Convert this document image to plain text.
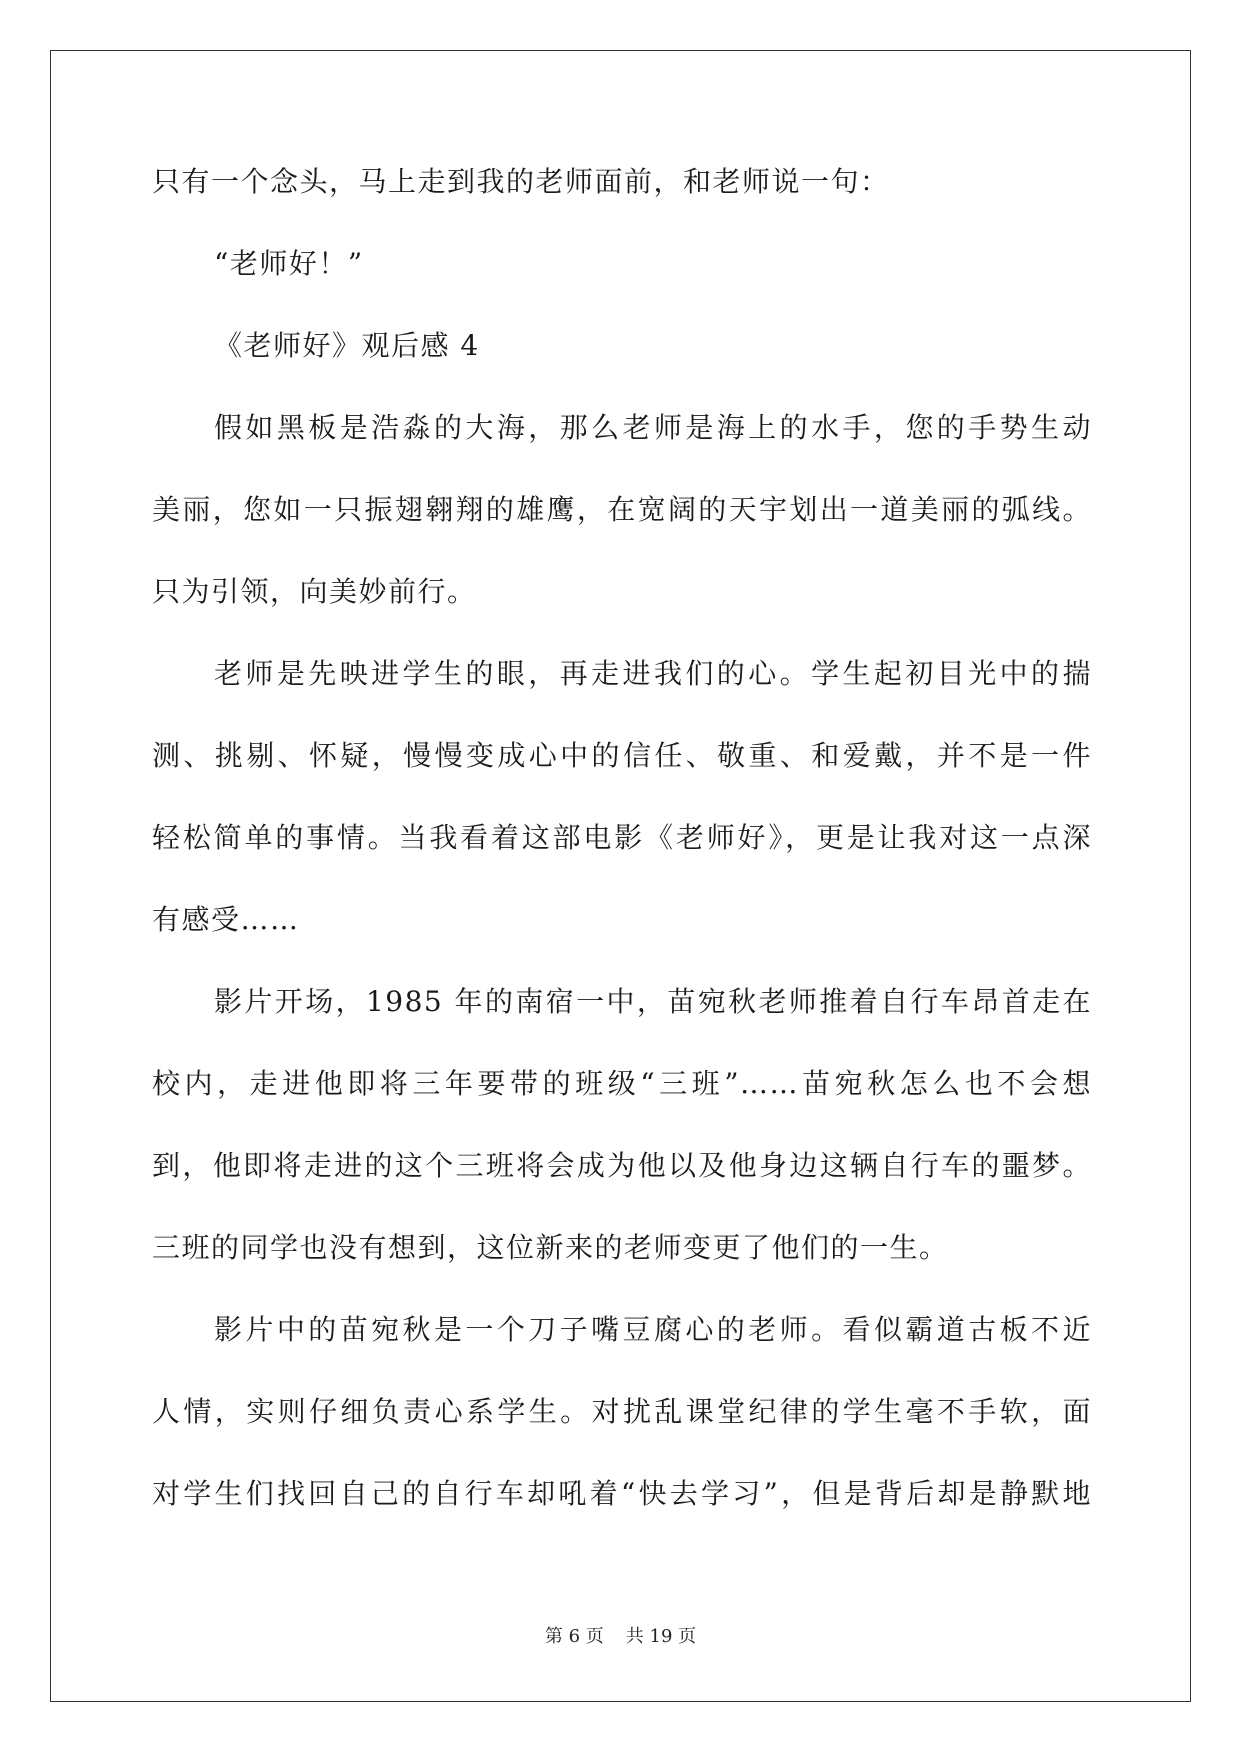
只有一个念头，马上走到我的老师面前，和老师说一句：
“老师好！”
《老师好》观后感 4
假如黑板是浩淼的大海，那么老师是海上的水手，您的手势生动
美丽，您如一只振翅翱翔的雄鹰，在宽阔的天宇划出一道美丽的弧线。
只为引领，向美妙前行。
老师是先映进学生的眼，再走进我们的心。学生起初目光中的揣
测、挑剔、怀疑，慢慢变成心中的信任、敬重、和爱戴，并不是一件
轻松简单的事情。当我看着这部电影《老师好》，更是让我对这一点深
有感受……
影片开场，1985 年的南宿一中，苗宛秋老师推着自行车昂首走在
校内，走进他即将三年要带的班级“三班”……苗宛秋怎么也不会想
到，他即将走进的这个三班将会成为他以及他身边这辆自行车的噩梦。
三班的同学也没有想到，这位新来的老师变更了他们的一生。
影片中的苗宛秋是一个刀子嘴豆腐心的老师。看似霸道古板不近
人情，实则仔细负责心系学生。对扰乱课堂纪律的学生毫不手软，面
对学生们找回自己的自行车却吼着“快去学习”，但是背后却是静默地
第 6 页 共 19 页
